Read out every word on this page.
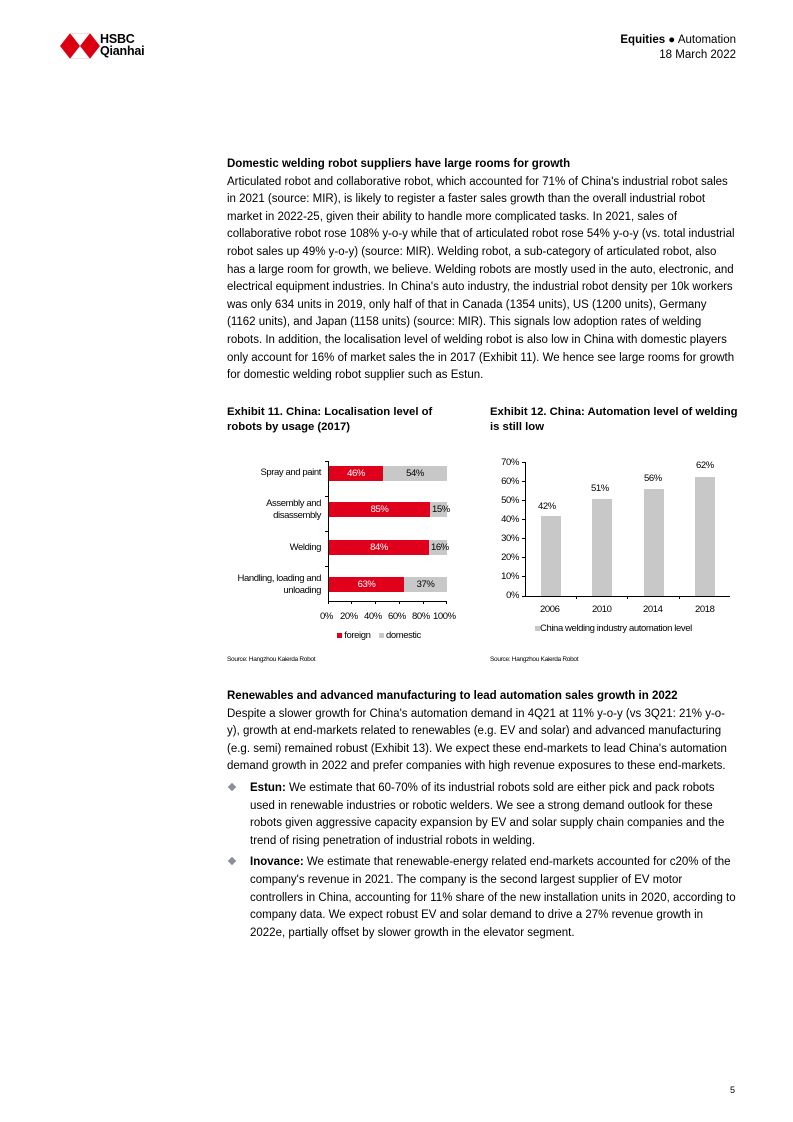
HSBC
Qianhai
Equities ● Automation
18 March 2022
Domestic welding robot suppliers have large rooms for growth

Articulated robot and collaborative robot, which accounted for 71% of China's industrial robot sales in 2021 (source: MIR), is likely to register a faster sales growth than the overall industrial robot market in 2022-25, given their ability to handle more complicated tasks. In 2021, sales of collaborative robot rose 108% y-o-y while that of articulated robot rose 54% y-o-y (vs. total industrial robot sales up 49% y-o-y) (source: MIR). Welding robot, a sub-category of articulated robot, also has a large room for growth, we believe. Welding robots are mostly used in the auto, electronic, and electrical equipment industries. In China's auto industry, the industrial robot density per 10k workers was only 634 units in 2019, only half of that in Canada (1354 units), US (1200 units), Germany (1162 units), and Japan (1158 units) (source: MIR). This signals low adoption rates of welding robots. In addition, the localisation level of welding robot is also low in China with domestic players only account for 16% of market sales the in 2017 (Exhibit 11). We hence see large rooms for growth for domestic welding robot supplier such as Estun.

Exhibit 11. China: Localisation level of robots by usage (2017)
Spray and paint	46%	54%
Assembly and
disassembly
85%	15%
Welding	84%	16%
Handling, loading and
unloading
63%	37%
0% 20% 40% 60% 80% 100%
foreign domestic
Source: Hangzhou Kaierda Robot
Exhibit 12. China: Automation level of welding is still low
0%
10%
20%
30%
40%
50%
60%
70%
42%
51%
56%
62%
2006	2010	2014	2018
China welding industry automation level
Source: Hangzhou Kaierda Robot
Renewables and advanced manufacturing to lead automation sales growth in 2022

Despite a slower growth for China's automation demand in 4Q21 at 11% y-o-y (vs 3Q21: 21% y-o-y), growth at end-markets related to renewables (e.g. EV and solar) and advanced manufacturing (e.g. semi) remained robust (Exhibit 13). We expect these end-markets to lead China's automation demand growth in 2022 and prefer companies with high revenue exposures to these end-markets.

Estun: We estimate that 60-70% of its industrial robots sold are either pick and pack robots used in renewable industries or robotic welders. We see a strong demand outlook for these robots given aggressive capacity expansion by EV and solar supply chain companies and the trend of rising penetration of industrial robots in welding.
Inovance: We estimate that renewable-energy related end-markets accounted for c20% of the company's revenue in 2021. The company is the second largest supplier of EV motor controllers in China, accounting for 11% share of the new installation units in 2020, according to company data. We expect robust EV and solar demand to drive a 27% revenue growth in 2022e, partially offset by slower growth in the elevator segment.
5
